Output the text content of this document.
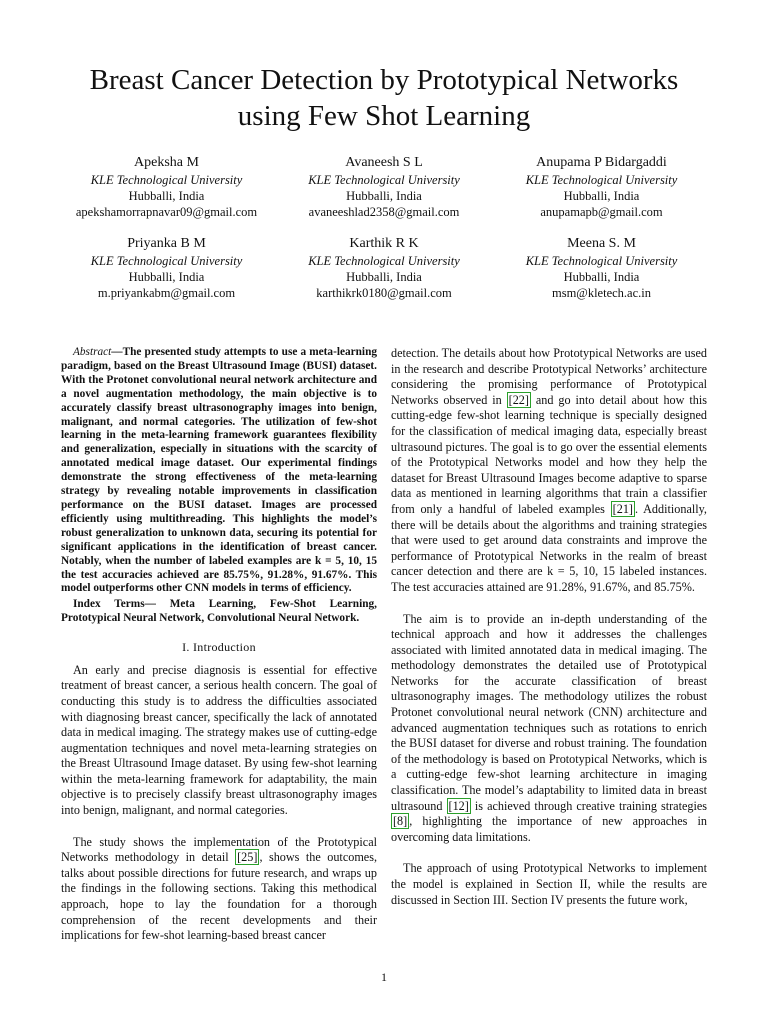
Breast Cancer Detection by Prototypical Networks
using Few Shot Learning
Apeksha M
KLE Technological University
Hubballi, India
apekshamorrapnavar09@gmail.com
Avaneesh S L
KLE Technological University
Hubballi, India
avaneeshlad2358@gmail.com
Anupama P Bidargaddi
KLE Technological University
Hubballi, India
anupamapb@gmail.com
Priyanka B M
KLE Technological University
Hubballi, India
m.priyankabm@gmail.com
Karthik R K
KLE Technological University
Hubballi, India
karthikrk0180@gmail.com
Meena S. M
KLE Technological University
Hubballi, India
msm@kletech.ac.in

Abstract—The presented study attempts to use a meta-learning paradigm, based on the Breast Ultrasound Image (BUSI) dataset. With the Protonet convolutional neural network architecture and a novel augmentation methodology, the main objective is to accurately classify breast ultrasonography images into benign, malignant, and normal categories. The utilization of few-shot learning in the meta-learning framework guarantees flexibility and generalization, especially in situations with the scarcity of annotated medical image dataset. Our experimental findings demonstrate the strong effectiveness of the meta-learning strategy by revealing notable improvements in classification performance on the BUSI dataset. Images are processed efficiently using multithreading. This highlights the model’s robust generalization to unknown data, securing its potential for significant applications in the identification of breast cancer. Notably, when the number of labeled examples are k = 5, 10, 15 the test accuracies achieved are 85.75%, 91.28%, 91.67%. This model outperforms other CNN models in terms of efficiency.

Index Terms— Meta Learning, Few-Shot Learning, Prototypical Neural Network, Convolutional Neural Network.

I. Introduction

An early and precise diagnosis is essential for effective treatment of breast cancer, a serious health concern. The goal of conducting this study is to address the difficulties associated with diagnosing breast cancer, specifically the lack of annotated data in medical imaging. The strategy makes use of cutting-edge augmentation techniques and novel meta-learning strategies on the Breast Ultrasound Image dataset. By using few-shot learning within the meta-learning framework for adaptability, the main objective is to precisely classify breast ultrasonography images into benign, malignant, and normal categories.

The study shows the implementation of the Prototypical Networks methodology in detail [25] , shows the outcomes, talks about possible directions for future research, and wraps up the findings in the following sections. Taking this methodical approach, hope to lay the foundation for a thorough comprehension of the recent developments and their implications for few-shot learning-based breast cancer

detection. The details about how Prototypical Networks are used in the research and describe Prototypical Networks’ architecture considering the promising performance of Prototypical Networks observed in [22] and go into detail about how this cutting-edge few-shot learning technique is specially designed for the classification of medical imaging data, especially breast ultrasound pictures. The goal is to go over the essential elements of the Prototypical Networks model and how they help the dataset for Breast Ultrasound Images become adaptive to sparse data as mentioned in learning algorithms that train a classifier from only a handful of labeled examples [21] . Additionally, there will be details about the algorithms and training strategies that were used to get around data constraints and improve the performance of Prototypical Networks in the realm of breast cancer detection and there are k = 5, 10, 15 labeled instances. The test accuracies attained are 91.28%, 91.67%, and 85.75%.

The aim is to provide an in-depth understanding of the technical approach and how it addresses the challenges associated with limited annotated data in medical imaging. The methodology demonstrates the detailed use of Prototypical Networks for the accurate classification of breast ultrasonography images. The methodology utilizes the robust Protonet convolutional neural network (CNN) architecture and advanced augmentation techniques such as rotations to enrich the BUSI dataset for diverse and robust training. The foundation of the methodology is based on Prototypical Networks, which is a cutting-edge few-shot learning architecture in imaging classification. The model’s adaptability to limited data in breast ultrasound [12] is achieved through creative training strategies [8] , highlighting the importance of new approaches in overcoming data limitations.

The approach of using Prototypical Networks to implement the model is explained in Section II, while the results are discussed in Section III. Section IV presents the future work,

1
